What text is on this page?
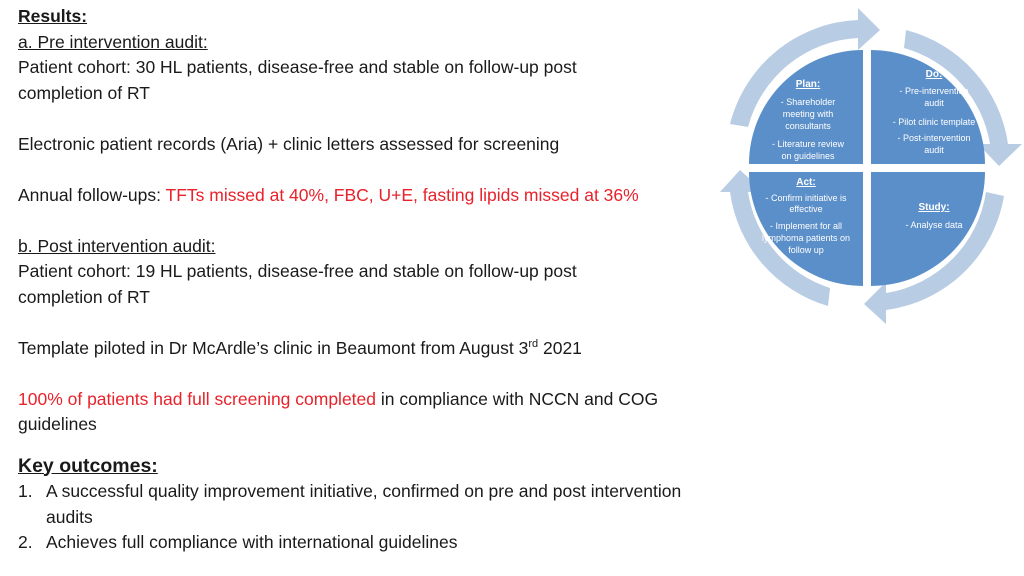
Results:
a. Pre intervention audit:
Patient cohort: 30 HL patients, disease-free and stable on follow-up post
completion of RT
Electronic patient records (Aria) + clinic letters assessed for screening
Annual follow-ups: TFTs missed at 40%, FBC, U+E, fasting lipids missed at 36%
b. Post intervention audit:
Patient cohort: 19 HL patients, disease-free and stable on follow-up post
completion of RT
Template piloted in Dr McArdle’s clinic in Beaumont from August 3rd 2021
100% of patients had full screening completed in compliance with NCCN and COG
guidelines
Key outcomes:
1. A successful quality improvement initiative, confirmed on pre and post intervention
audits
2. Achieves full compliance with international guidelines
Plan:
- Shareholder
meeting with
consultants
- Literature review
on guidelines
Do:
- Pre-intervention
audit
- Pilot clinic template
- Post-intervention
audit
Act:
- Confirm initiative is
effective
- Implement for all
lymphoma patients on
follow up
Study:
- Analyse data
